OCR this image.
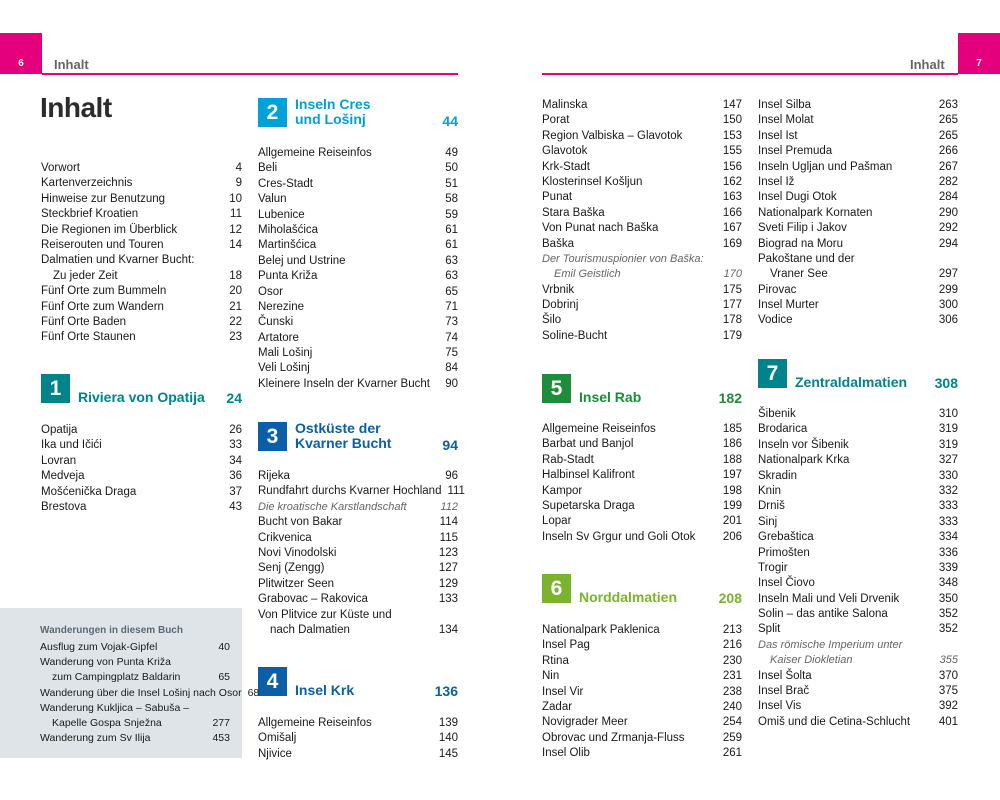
6 Inhalt	Inhalt	7
Inhalt
Vorwort	4
Kartenverzeichnis	9
Hinweise zur Benutzung	10
Steckbrief Kroatien	11
Die Regionen im Überblick	12
Reiserouten und Touren	14
Dalmatien und Kvarner Bucht:
Zu jeder Zeit	18
Fünf Orte zum Bummeln	20
Fünf Orte zum Wandern	21
Fünf Orte Baden	22
Fünf Orte Staunen	23
1	Riviera von Opatija	24
Opatija	26
Ika und Ičići	33
Lovran	34
Medveja	36
Mošćenička Draga	37
Brestova	43
2	Inseln Cres
und Lošinj	44
Allgemeine Reiseinfos	49
Beli	50
Cres-Stadt	51
Valun	58
Lubenice	59
Miholašćica	61
Martinšćica	61
Belej und Ustrine	63
Punta Križa	63
Osor	65
Nerezine	71
Čunski	73
Artatore	74
Mali Lošinj	75
Veli Lošinj	84
Kleinere Inseln der Kvarner Bucht	90
3	Ostküste der
Kvarner Bucht	94
Rijeka	96
Rundfahrt durchs Kvarner Hochland 111
Die kroatische Karstlandschaft	112
Bucht von Bakar	114
Crikvenica	115
Novi Vinodolski	123
Senj (Zengg)	127
Plitwitzer Seen	129
Grabovac – Rakovica	133
Von Plitvice zur Küste und
nach Dalmatien	134
4	Insel Krk	136
Allgemeine Reiseinfos	139
Omišalj	140
Njivice	145
Malinska	147
Porat	150
Region Valbiska – Glavotok	153
Glavotok	155
Krk-Stadt	156
Klosterinsel Košljun	162
Punat	163
Stara Baška	166
Von Punat nach Baška	167
Baška	169
Der Tourismuspionier von Baška:
Emil Geistlich	170
Vrbnik	175
Dobrinj	177
Šilo	178
Soline-Bucht	179
5	Insel Rab	182
Allgemeine Reiseinfos	185
Barbat und Banjol	186
Rab-Stadt	188
Halbinsel Kalifront	197
Kampor	198
Supetarska Draga	199
Lopar	201
Inseln Sv Grgur und Goli Otok	206
6	Norddalmatien	208
Nationalpark Paklenica	213
Insel Pag	216
Rtina	230
Nin	231
Insel Vir	238
Zadar	240
Novigrader Meer	254
Obrovac und Zrmanja-Fluss	259
Insel Olib	261
Insel Silba	263
Insel Molat	265
Insel Ist	265
Insel Premuda	266
Inseln Ugljan und Pašman	267
Insel Iž	282
Insel Dugi Otok	284
Nationalpark Kornaten	290
Sveti Filip i Jakov	292
Biograd na Moru	294
Pakoštane und der
Vraner See	297
Pirovac	299
Insel Murter	300
Vodice	306
7	Zentraldalmatien	308
Šibenik	310
Brodarica	319
Inseln vor Šibenik	319
Nationalpark Krka	327
Skradin	330
Knin	332
Drniš	333
Sinj	333
Grebaštica	334
Primošten	336
Trogir	339
Insel Čiovo	348
Inseln Mali und Veli Drvenik	350
Solin – das antike Salona	352
Split	352
Das römische Imperium unter
Kaiser Diokletian	355
Insel Šolta	370
Insel Brač	375
Insel Vis	392
Omiš und die Cetina-Schlucht	401
Wanderungen in diesem Buch
Ausflug zum Vojak-Gipfel	40
Wanderung von Punta Križa
zum Campingplatz Baldarin	65
Wanderung über die Insel Lošinj nach Osor 68
Wanderung Kukljica – Sabuša –
Kapelle Gospa Snježna	277
Wanderung zum Sv Ilija	453
